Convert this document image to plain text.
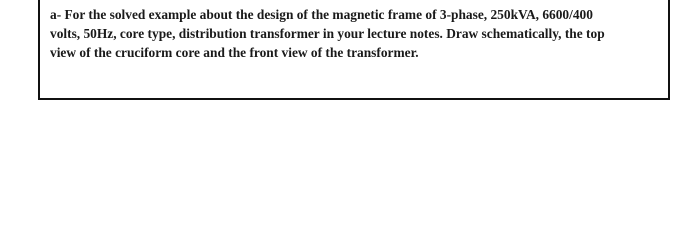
a- For the solved example about the design of the magnetic frame of 3-phase, 250kVA, 6600/400
volts, 50Hz, core type, distribution transformer in your lecture notes. Draw schematically, the top
view of the cruciform core and the front view of the transformer.
